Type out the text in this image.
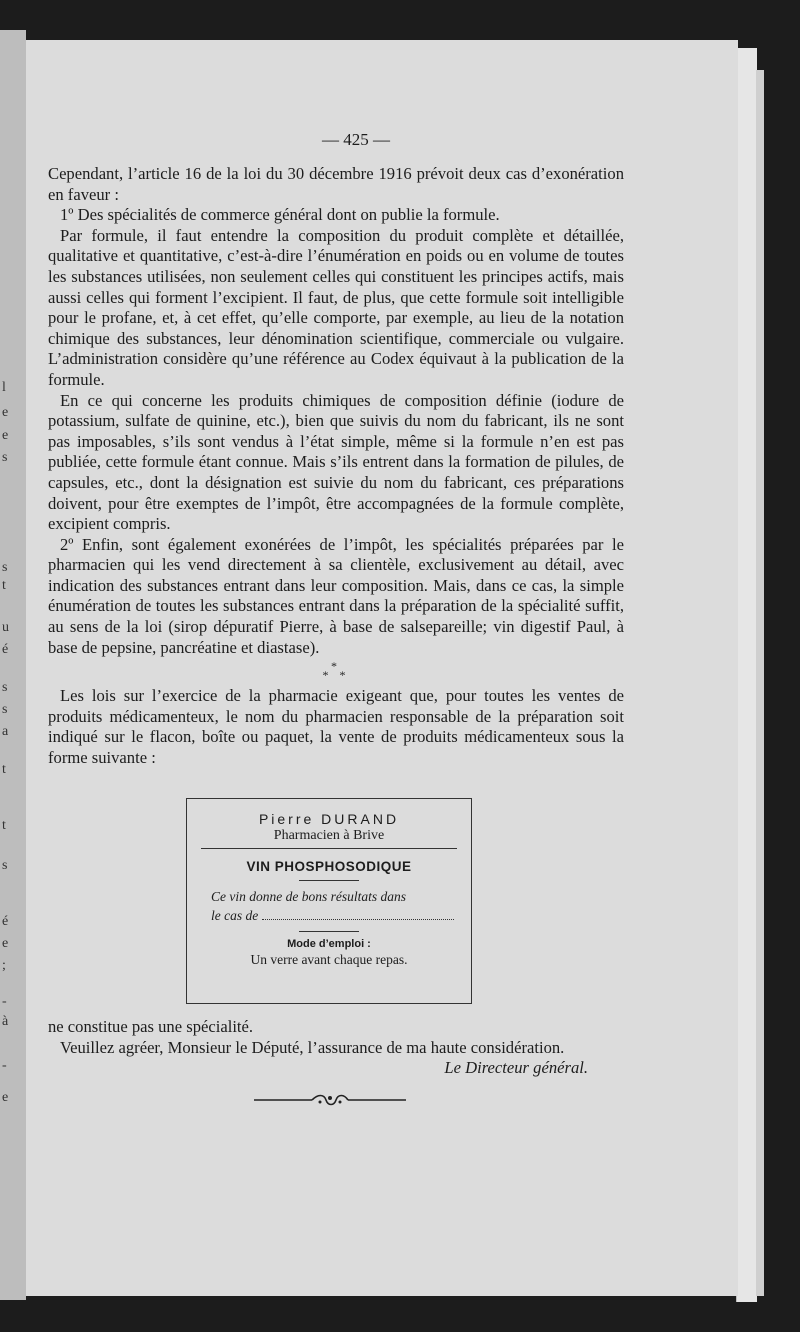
l
e
e
s
s
t
u
é
s
s
a
t
t
s
é
e
;
-
à
-
e
— 425 —

Cependant, l’article 16 de la loi du 30 décembre 1916 prévoit deux cas d’exonération en faveur :

1º Des spécialités de commerce général dont on publie la formule.

Par formule, il faut entendre la composition du produit complète et détaillée, qualitative et quantitative, c’est-à-dire l’énumération en poids ou en volume de toutes les substances utilisées, non seulement celles qui constituent les principes actifs, mais aussi celles qui forment l’excipient. Il faut, de plus, que cette formule soit intelligible pour le profane, et, à cet effet, qu’elle comporte, par exemple, au lieu de la notation chimique des substances, leur dénomination scientifique, commerciale ou vulgaire. L’administration considère qu’une référence au Codex équivaut à la publication de la formule.

En ce qui concerne les produits chimiques de composition définie (iodure de potassium, sulfate de quinine, etc.), bien que suivis du nom du fabricant, ils ne sont pas imposables, s’ils sont vendus à l’état simple, même si la formule n’en est pas publiée, cette formule étant connue. Mais s’ils entrent dans la formation de pilules, de capsules, etc., dont la désignation est suivie du nom du fabricant, ces préparations doivent, pour être exemptes de l’impôt, être accompagnées de la formule complète, excipient compris.

2º Enfin, sont également exonérées de l’impôt, les spécialités préparées par le pharmacien qui les vend directement à sa clientèle, exclusivement au détail, avec indication des substances entrant dans leur composition. Mais, dans ce cas, la simple énumération de toutes les substances entrant dans la préparation de la spécialité suffit, au sens de la loi (sirop dépuratif Pierre, à base de salsepareille; vin digestif Paul, à base de pepsine, pancréatine et diastase).

*
* *

Les lois sur l’exercice de la pharmacie exigeant que, pour toutes les ventes de produits médicamenteux, le nom du pharmacien responsable de la préparation soit indiqué sur le flacon, boîte ou paquet, la vente de produits médicamenteux sous la forme suivante :

Pierre DURAND
Pharmacien à Brive
VIN PHOSPHOSODIQUE
Ce vin donne de bons résultats dans
le cas de
Mode d’emploi :
Un verre avant chaque repas.

ne constitue pas une spécialité.

Veuillez agréer, Monsieur le Député, l’assurance de ma haute considération.

Le Directeur général.
